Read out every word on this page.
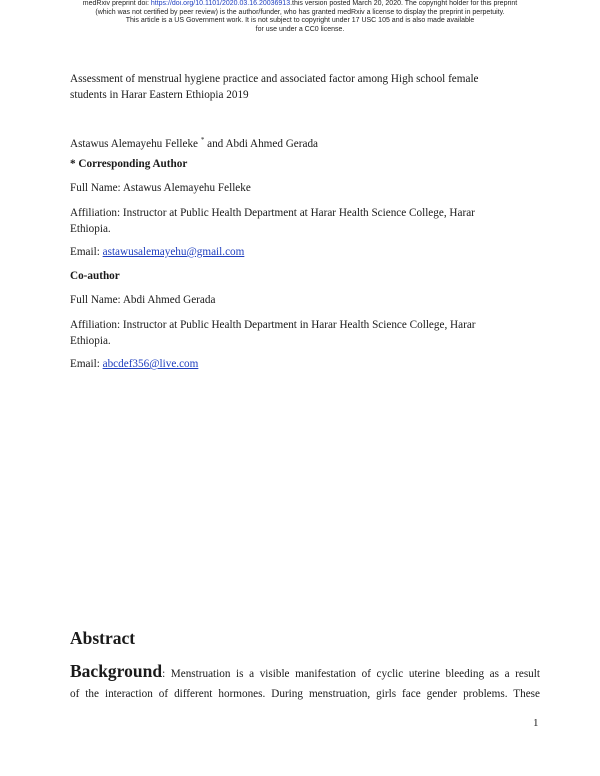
medRxiv preprint doi: https://doi.org/10.1101/2020.03.16.20036913.this version posted March 20, 2020. The copyright holder for this preprint
(which was not certified by peer review) is the author/funder, who has granted medRxiv a license to display the preprint in perpetuity.
This article is a US Government work. It is not subject to copyright under 17 USC 105 and is also made available
for use under a CC0 license.
Assessment of menstrual hygiene practice and associated factor among High school female
students in Harar Eastern Ethiopia 2019
Astawus Alemayehu Felleke * and Abdi Ahmed Gerada
* Corresponding Author
Full Name: Astawus Alemayehu Felleke
Affiliation: Instructor at Public Health Department at Harar Health Science College, Harar
Ethiopia.
Email: astawusalemayehu@gmail.com
Co-author
Full Name: Abdi Ahmed Gerada
Affiliation: Instructor at Public Health Department in Harar Health Science College, Harar
Ethiopia.
Email: abcdef356@live.com
Abstract
Background: Menstruation is a visible manifestation of cyclic uterine bleeding as a result
of the interaction of different hormones. During menstruation, girls face gender problems. These
1
